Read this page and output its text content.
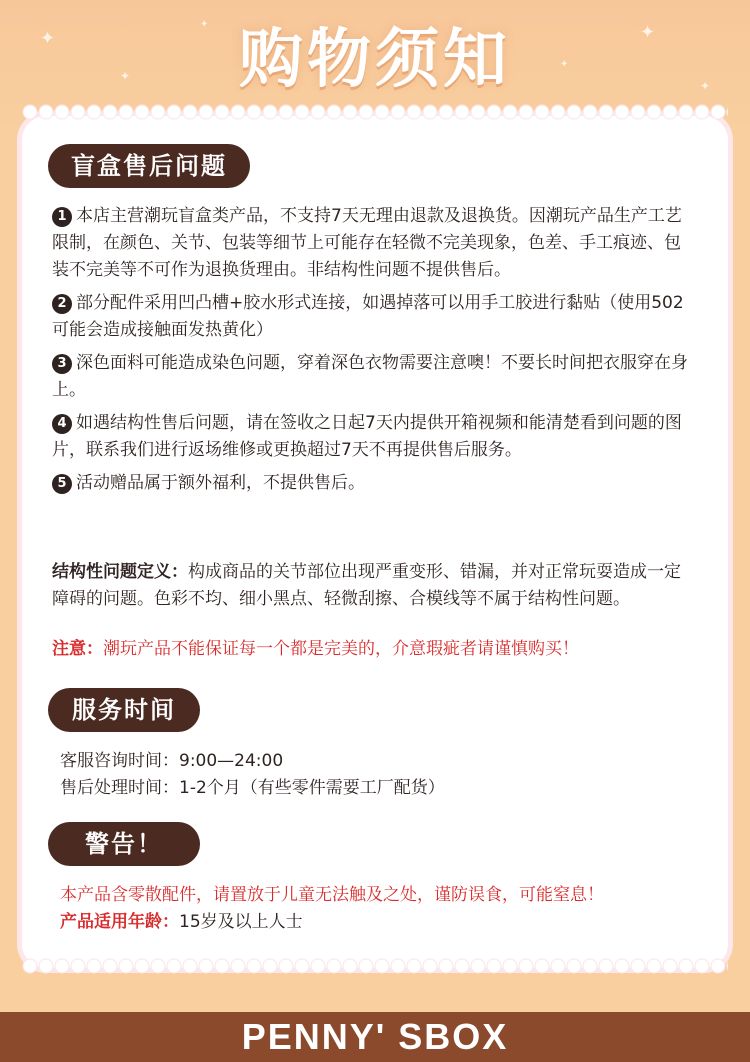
✦
✦
✦
✦
✦
✦
购物须知
盲盒售后问题

1 本店主营潮玩盲盒类产品，不支持7天无理由退款及退换货。因潮玩产品生产工艺限制，在颜色、关节、包装等细节上可能存在轻微不完美现象，色差、手工痕迹、包装不完美等不可作为退换货理由。非结构性问题不提供售后。

2 部分配件采用凹凸槽+胶水形式连接，如遇掉落可以用手工胶进行黏贴（使用502可能会造成接触面发热黄化）

3 深色面料可能造成染色问题，穿着深色衣物需要注意噢！不要长时间把衣服穿在身上。

4 如遇结构性售后问题，请在签收之日起7天内提供开箱视频和能清楚看到问题的图片，联系我们进行返场维修或更换超过7天不再提供售后服务。

5 活动赠品属于额外福利，不提供售后。

结构性问题定义：构成商品的关节部位出现严重变形、错漏，并对正常玩耍造成一定障碍的问题。色彩不均、细小黑点、轻微刮擦、合模线等不属于结构性问题。
注意：潮玩产品不能保证每一个都是完美的，介意瑕疵者请谨慎购买！
服务时间
客服咨询时间：9:00—24:00
售后处理时间：1-2个月（有些零件需要工厂配货）
警告！
本产品含零散配件，请置放于儿童无法触及之处，谨防误食，可能窒息！
产品适用年龄：15岁及以上人士
PENNY' SBOX
